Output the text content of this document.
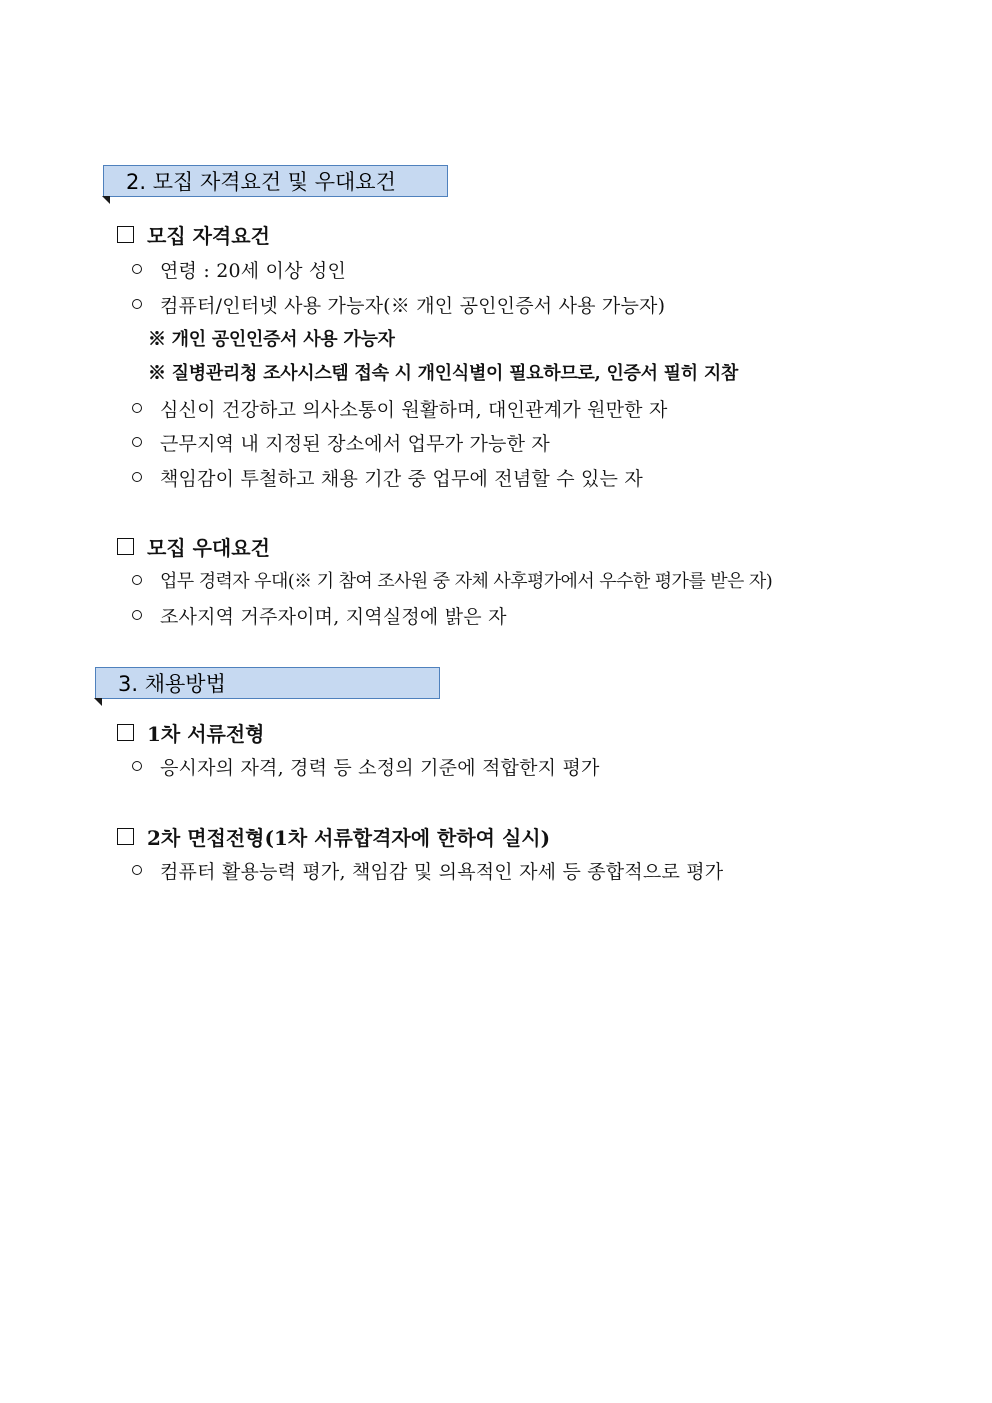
2. 모집 자격요건 및 우대요건
모집 자격요건
연령 : 20세 이상 성인
컴퓨터/인터넷 사용 가능자(※ 개인 공인인증서 사용 가능자)
※ 개인 공인인증서 사용 가능자
※ 질병관리청 조사시스템 접속 시 개인식별이 필요하므로, 인증서 필히 지참
심신이 건강하고 의사소통이 원활하며, 대인관계가 원만한 자
근무지역 내 지정된 장소에서 업무가 가능한 자
책임감이 투철하고 채용 기간 중 업무에 전념할 수 있는 자
모집 우대요건
업무 경력자 우대(※ 기 참여 조사원 중 자체 사후평가에서 우수한 평가를 받은 자)
조사지역 거주자이며, 지역실정에 밝은 자
3. 채용방법
1차 서류전형
응시자의 자격, 경력 등 소정의 기준에 적합한지 평가
2차 면접전형(1차 서류합격자에 한하여 실시)
컴퓨터 활용능력 평가, 책임감 및 의욕적인 자세 등 종합적으로 평가
